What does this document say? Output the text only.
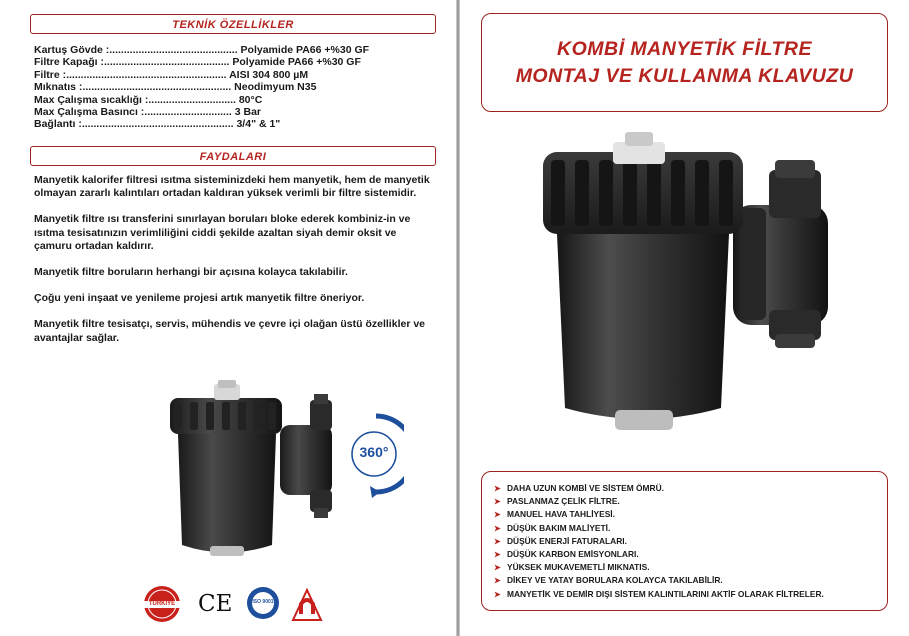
TEKNİK ÖZELLİKLER
Kartuş Gövde :............................................ Polyamide PA66 +%30 GF
Filtre Kapağı :........................................... Polyamide PA66 +%30 GF
Filtre :....................................................... AISI 304 800 µM
Mıknatıs :................................................... Neodimyum N35
Max Çalışma sıcaklığı :.............................. 80°C
Max Çalışma Basıncı :.............................. 3 Bar
Bağlantı :.................................................... 3/4" & 1"
FAYDALARI

Manyetik kalorifer filtresi ısıtma sisteminizdeki hem manyetik, hem de manyetik olmayan zararlı kalıntıları ortadan kaldıran yüksek verimli bir filtre sistemidir.

Manyetik filtre ısı transferini sınırlayan boruları bloke ederek kombiniz-in ve ısıtma tesisatınızın verimliliğini ciddi şekilde azaltan siyah demir oksit ve çamuru ortadan kaldırır.

Manyetik filtre boruların herhangi bir açısına kolayca takılabilir.

Çoğu yeni inşaat ve yenileme projesi artık manyetik filtre öneriyor.

Manyetik filtre tesisatçı, servis, mühendis ve çevre içi olağan üstü özellikler ve avantajlar sağlar.

360°
TÜRKİYE CE	ISO 9001
KOMBİ MANYETİK FİLTRE
MONTAJ VE KULLANMA KLAVUZU
➤ DAHA UZUN KOMBİ VE SİSTEM ÖMRÜ.
➤ PASLANMAZ ÇELİK FİLTRE.
➤ MANUEL HAVA TAHLİYESİ.
➤ DÜŞÜK BAKIM MALİYETİ.
➤ DÜŞÜK ENERJİ FATURALARI.
➤ DÜŞÜK KARBON EMİSYONLARI.
➤ YÜKSEK MUKAVEMETLİ MIKNATIS.
➤ DİKEY VE YATAY BORULARA KOLAYCA TAKILABİLİR.
➤ MANYETİK VE DEMİR DIŞI SİSTEM KALINTILARINI AKTİF OLARAK FİLTRELER.
